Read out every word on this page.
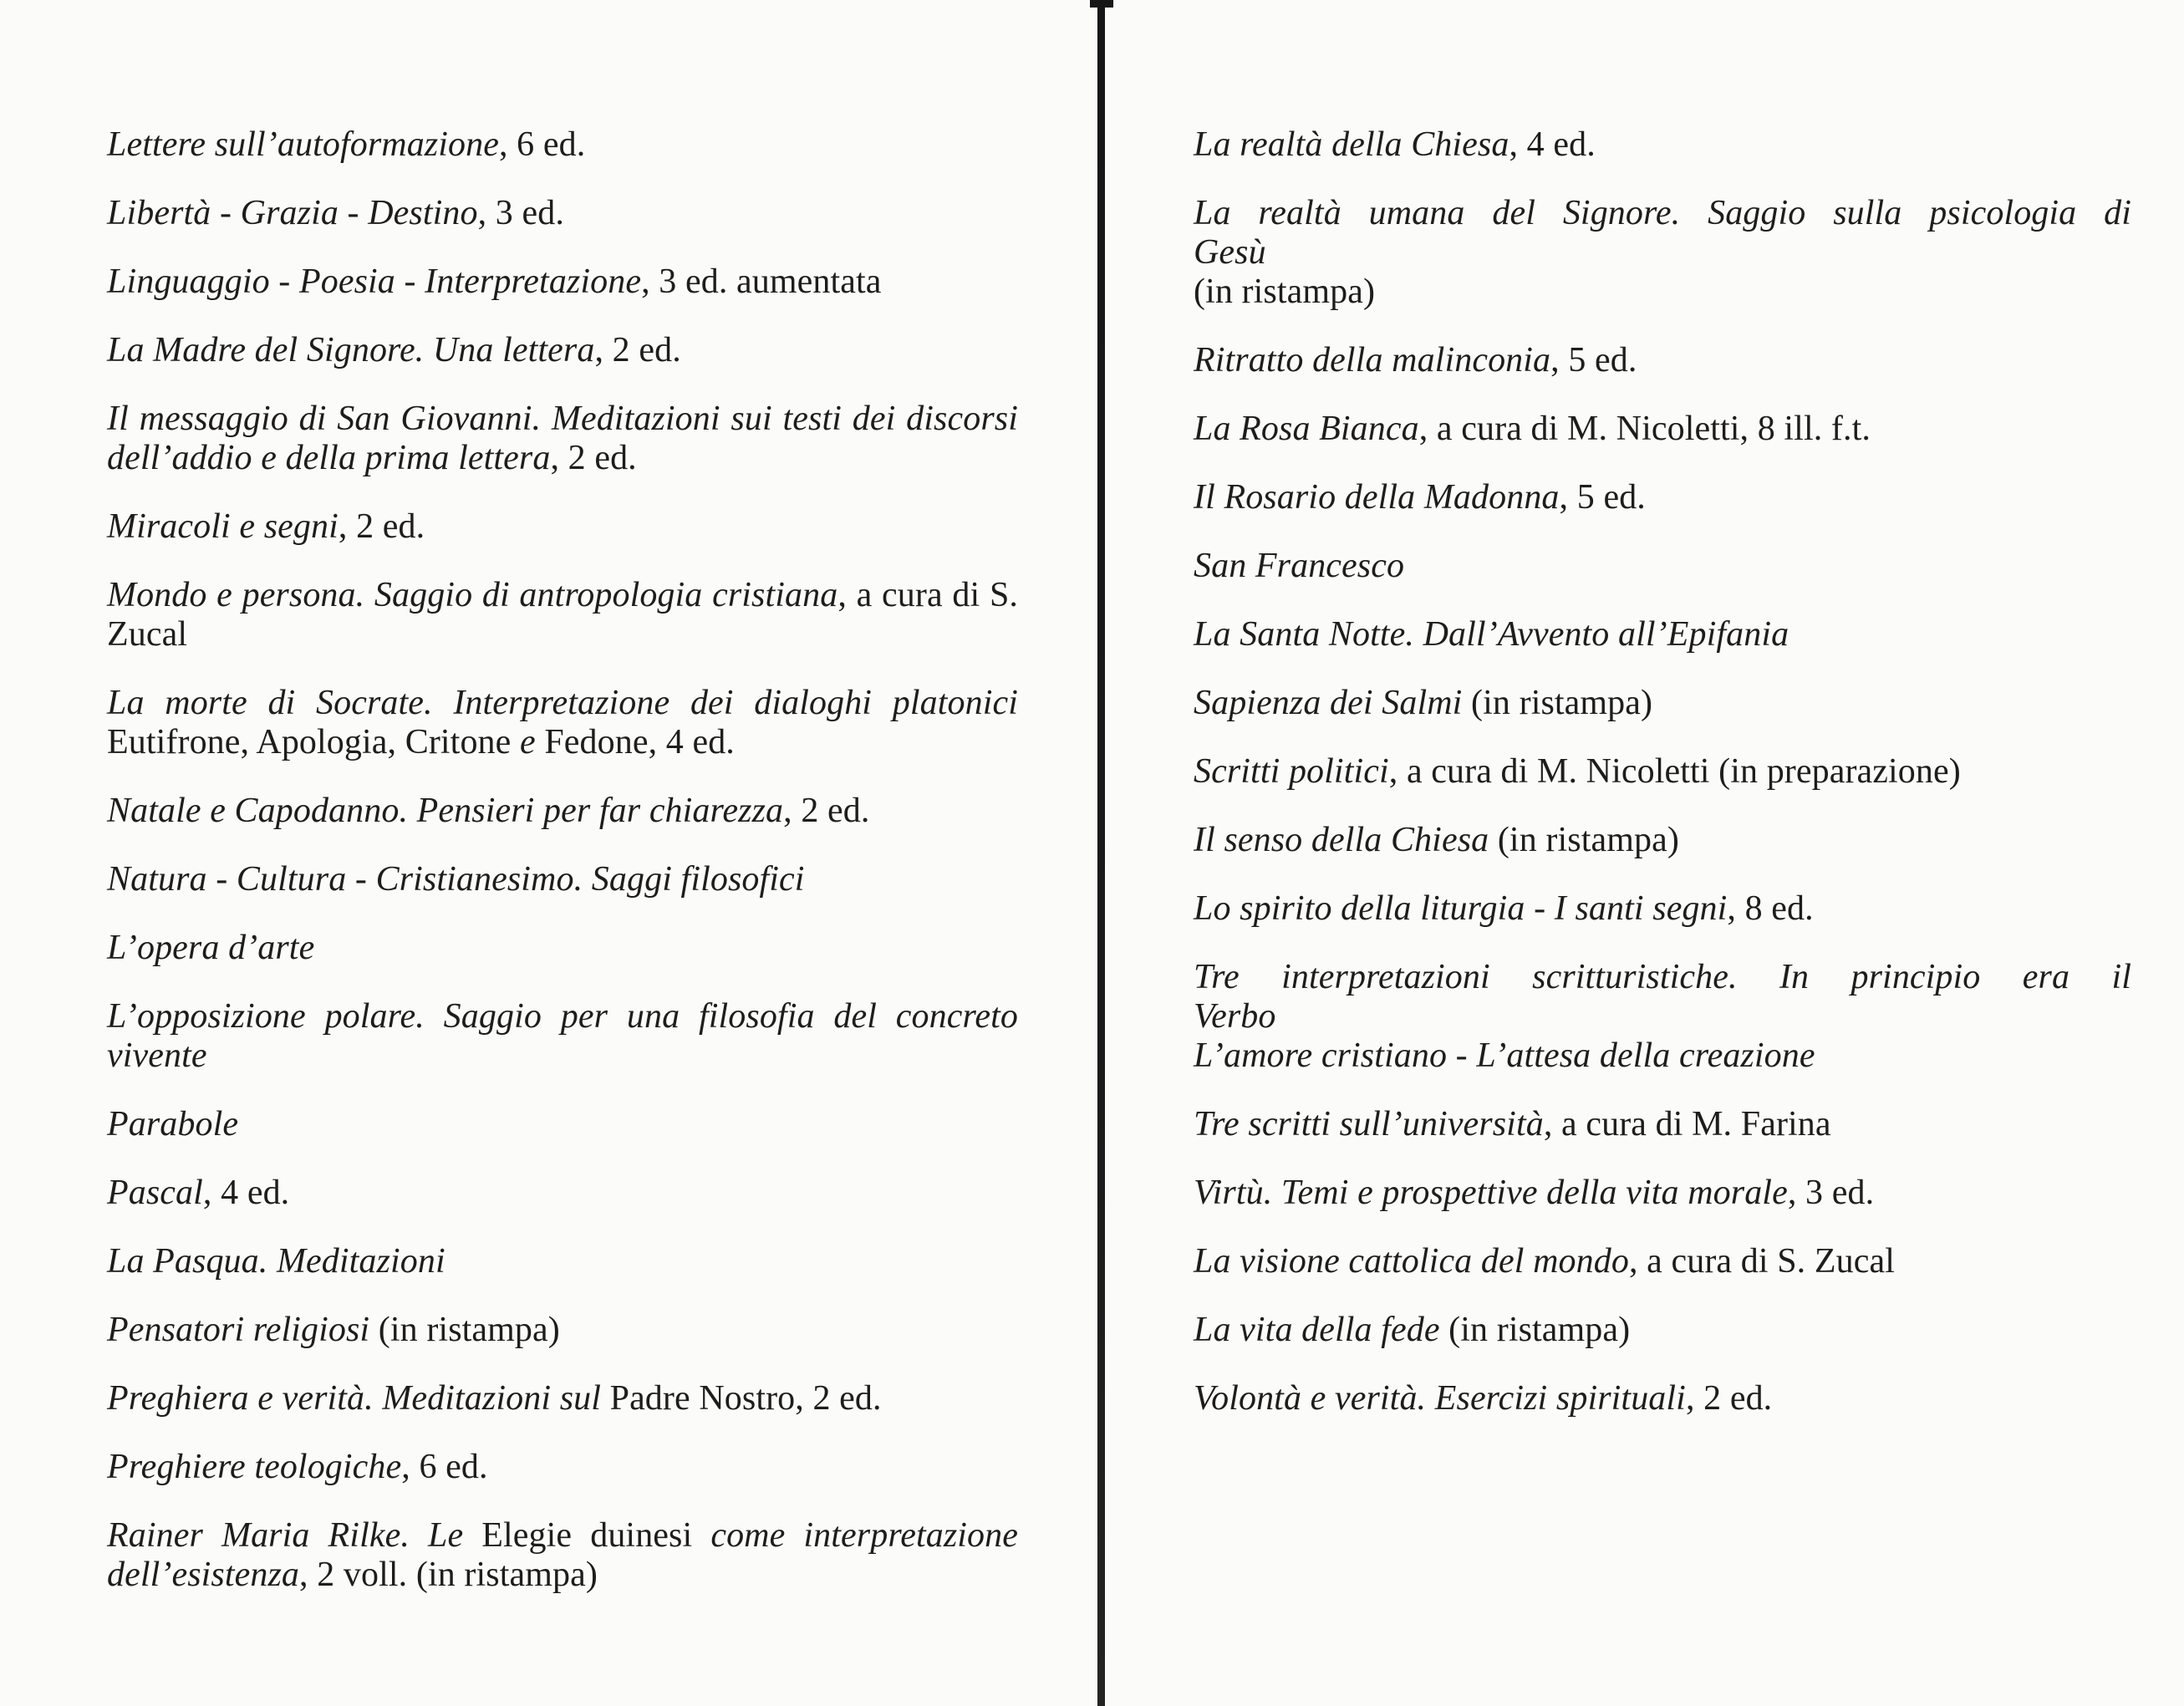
Lettere sull’autoformazione, 6 ed.
Libertà - Grazia - Destino, 3 ed.
Linguaggio - Poesia - Interpretazione, 3 ed. aumentata
La Madre del Signore. Una lettera, 2 ed.
Il messaggio di San Giovanni. Meditazioni sui testi dei discorsi dell’addio e della prima lettera, 2 ed.
Miracoli e segni, 2 ed.
Mondo e persona. Saggio di antropologia cristiana, a cura di S. Zucal
La morte di Socrate. Interpretazione dei dialoghi platonici Eutifrone, Apologia, Critone e Fedone, 4 ed.
Natale e Capodanno. Pensieri per far chiarezza, 2 ed.
Natura - Cultura - Cristianesimo. Saggi filosofici
L’opera d’arte
L’opposizione polare. Saggio per una filosofia del concreto vivente
Parabole
Pascal, 4 ed.
La Pasqua. Meditazioni
Pensatori religiosi (in ristampa)
Preghiera e verità. Meditazioni sul Padre Nostro, 2 ed.
Preghiere teologiche, 6 ed.
Rainer Maria Rilke. Le Elegie duinesi come interpretazione dell’esistenza, 2 voll. (in ristampa)
La realtà della Chiesa, 4 ed.
La realtà umana del Signore. Saggio sulla psicologia di Gesù
(in ristampa)
Ritratto della malinconia, 5 ed.
La Rosa Bianca, a cura di M. Nicoletti, 8 ill. f.t.
Il Rosario della Madonna, 5 ed.
San Francesco
La Santa Notte. Dall’Avvento all’Epifania
Sapienza dei Salmi (in ristampa)
Scritti politici, a cura di M. Nicoletti (in preparazione)
Il senso della Chiesa (in ristampa)
Lo spirito della liturgia - I santi segni, 8 ed.
Tre interpretazioni scritturistiche. In principio era il Verbo
L’amore cristiano - L’attesa della creazione
Tre scritti sull’università, a cura di M. Farina
Virtù. Temi e prospettive della vita morale, 3 ed.
La visione cattolica del mondo, a cura di S. Zucal
La vita della fede (in ristampa)
Volontà e verità. Esercizi spirituali, 2 ed.
